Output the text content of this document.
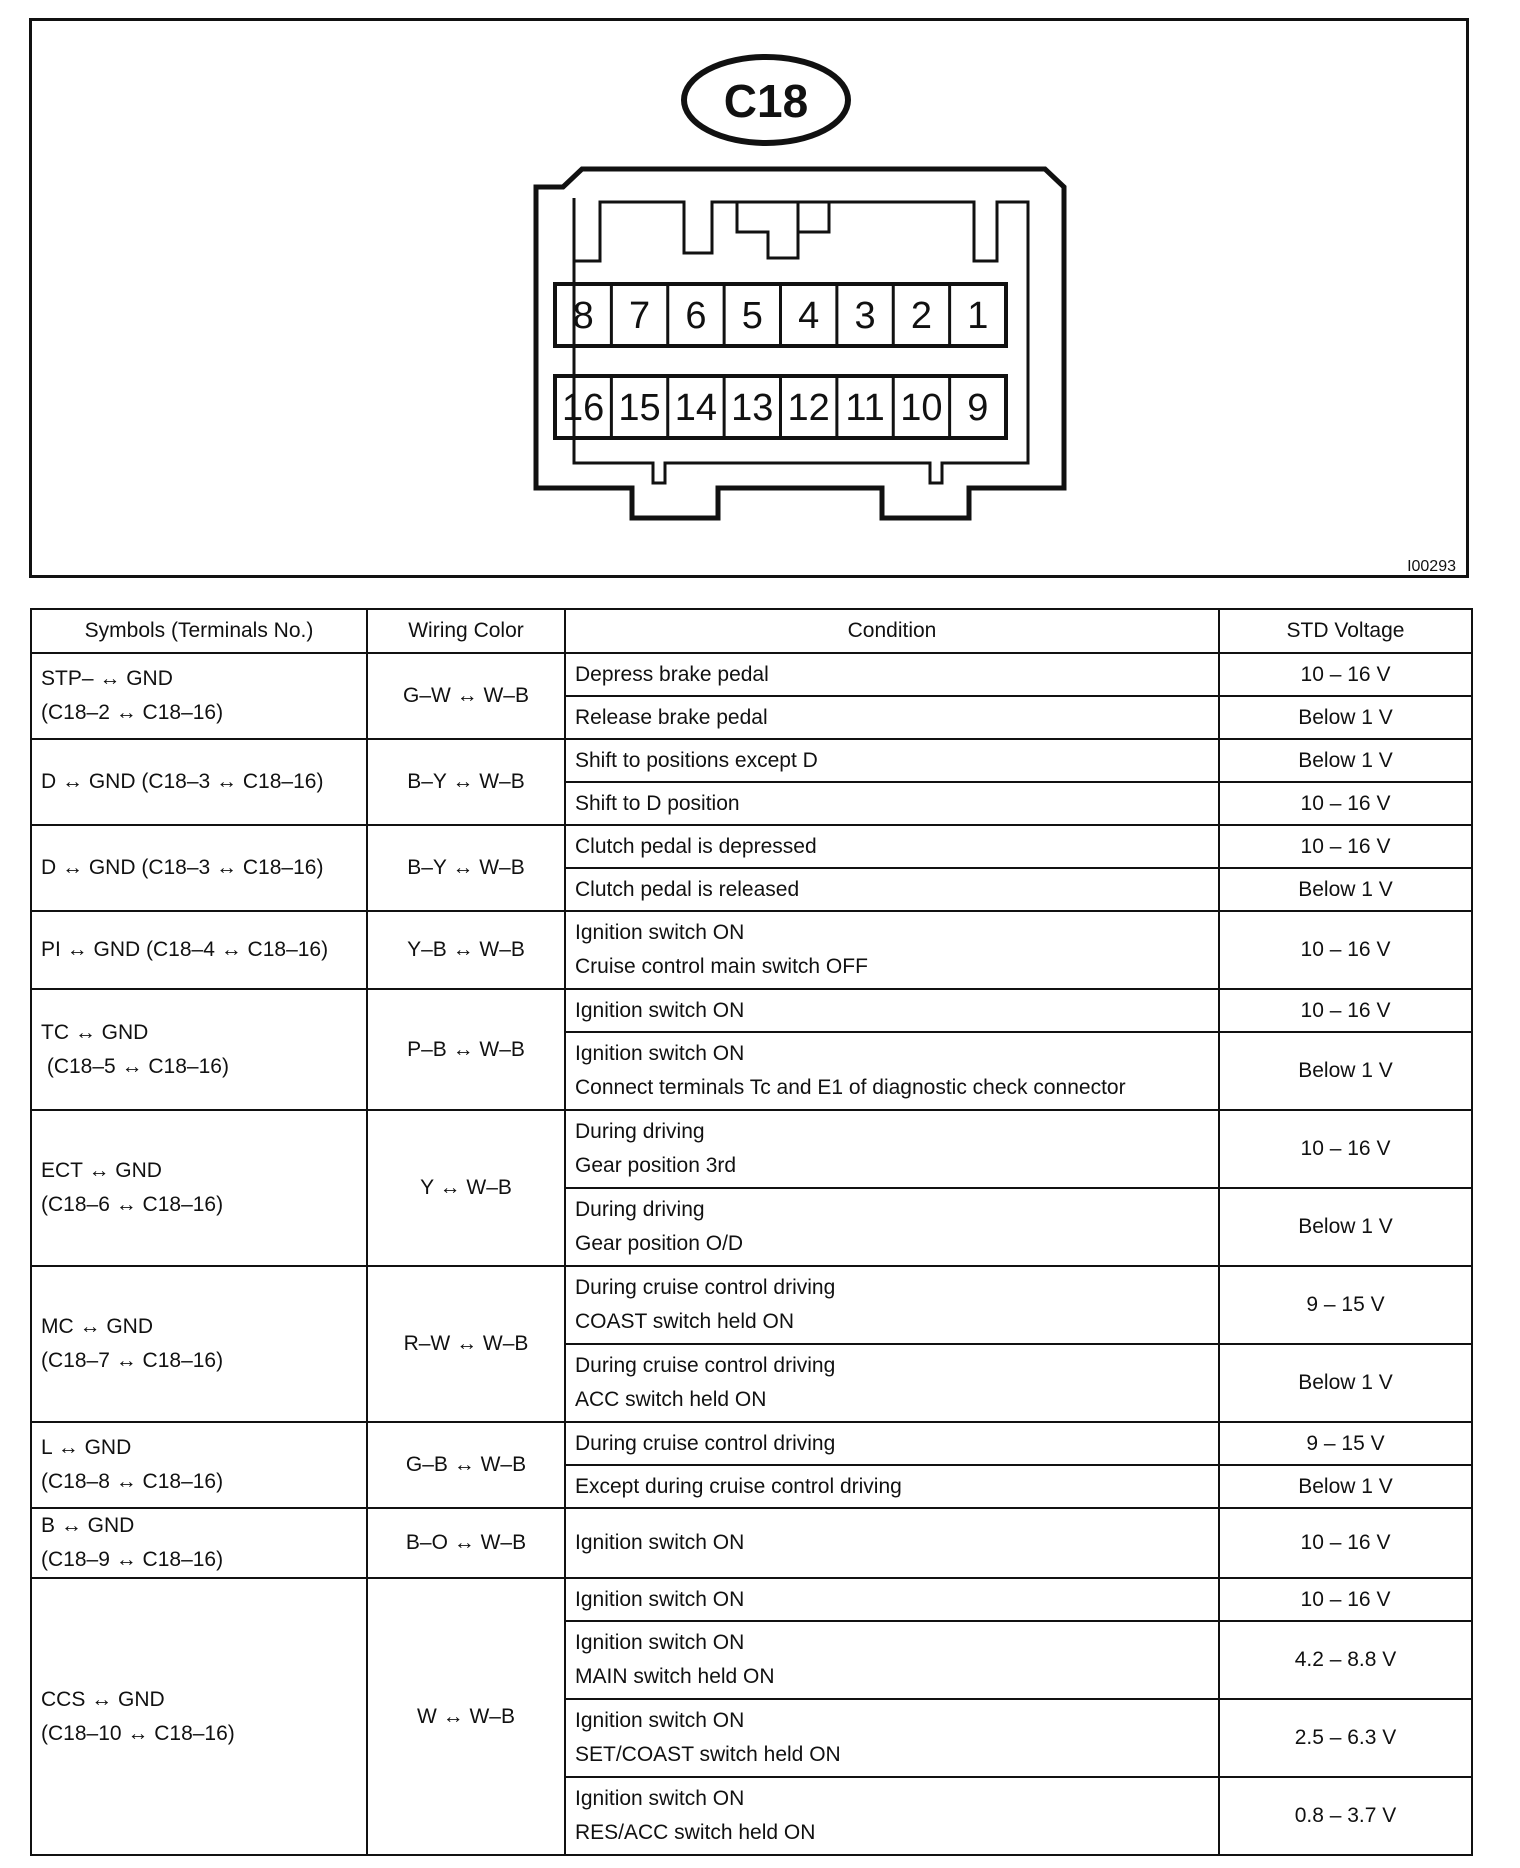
C18
8 7 6 5 4 3 2 1
16 15 14 13 12 11 10 9
I00293
Symbols (Terminals No.)	Wiring Color	Condition	STD Voltage

STP– ↔ GND
(C18–2 ↔ C18–16)	G–W ↔ W–B	Depress brake pedal	10 – 16 V

		Release brake pedal	Below 1 V

D ↔ GND (C18–3 ↔ C18–16)	B–Y ↔ W–B	Shift to positions except D	Below 1 V

		Shift to D position	10 – 16 V

D ↔ GND (C18–3 ↔ C18–16)	B–Y ↔ W–B	Clutch pedal is depressed	10 – 16 V

		Clutch pedal is released	Below 1 V

PI ↔ GND (C18–4 ↔ C18–16)	Y–B ↔ W–B	Ignition switch ON
Cruise control main switch OFF	10 – 16 V

TC ↔ GND
(C18–5 ↔ C18–16)	P–B ↔ W–B	Ignition switch ON	10 – 16 V

		Ignition switch ON
Connect terminals Tc and E1 of diagnostic check connector	Below 1 V

ECT ↔ GND
(C18–6 ↔ C18–16)	Y ↔ W–B	During driving
Gear position 3rd	10 – 16 V

		During driving
Gear position O/D	Below 1 V

MC ↔ GND
(C18–7 ↔ C18–16)	R–W ↔ W–B	During cruise control driving
COAST switch held ON	9 – 15 V

		During cruise control driving
ACC switch held ON	Below 1 V

L ↔ GND
(C18–8 ↔ C18–16)	G–B ↔ W–B	During cruise control driving	9 – 15 V

		Except during cruise control driving	Below 1 V

B ↔ GND
(C18–9 ↔ C18–16)	B–O ↔ W–B	Ignition switch ON	10 – 16 V

CCS ↔ GND
(C18–10 ↔ C18–16)	W ↔ W–B	Ignition switch ON	10 – 16 V

		Ignition switch ON
MAIN switch held ON	4.2 – 8.8 V

		Ignition switch ON
SET/COAST switch held ON	2.5 – 6.3 V

		Ignition switch ON
RES/ACC switch held ON	0.8 – 3.7 V
